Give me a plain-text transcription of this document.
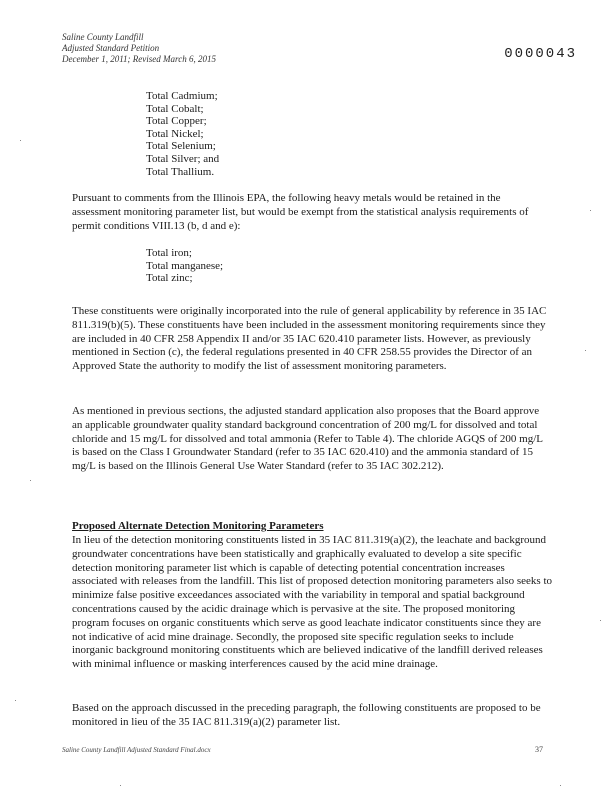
Saline County Landfill
Adjusted Standard Petition
December 1, 2011; Revised March 6, 2015	0000043
Total Cadmium;
Total Cobalt;
Total Copper;
Total Nickel;
Total Selenium;
Total Silver; and
Total Thallium.

Pursuant to comments from the Illinois EPA, the following heavy metals would be retained in the assessment monitoring parameter list, but would be exempt from the statistical analysis requirements of permit conditions VIII.13 (b, d and e):

Total iron;
Total manganese;
Total zinc;

These constituents were originally incorporated into the rule of general applicability by reference in 35 IAC 811.319(b)(5). These constituents have been included in the assessment monitoring requirements since they are included in 40 CFR 258 Appendix II and/or 35 IAC 620.410 parameter lists. However, as previously mentioned in Section (c), the federal regulations presented in 40 CFR 258.55 provides the Director of an Approved State the authority to modify the list of assessment monitoring parameters.

As mentioned in previous sections, the adjusted standard application also proposes that the Board approve an applicable groundwater quality standard background concentration of 200 mg/L for dissolved and total chloride and 15 mg/L for dissolved and total ammonia (Refer to Table 4). The chloride AGQS of 200 mg/L is based on the Class I Groundwater Standard (refer to 35 IAC 620.410) and the ammonia standard of 15 mg/L is based on the Illinois General Use Water Standard (refer to 35 IAC 302.212).

Proposed Alternate Detection Monitoring Parameters

In lieu of the detection monitoring constituents listed in 35 IAC 811.319(a)(2), the leachate and background groundwater concentrations have been statistically and graphically evaluated to develop a site specific detection monitoring parameter list which is capable of detecting potential concentration increases associated with releases from the landfill. This list of proposed detection monitoring parameters also seeks to minimize false positive exceedances associated with the variability in temporal and spatial background concentrations caused by the acidic drainage which is pervasive at the site. The proposed monitoring program focuses on organic constituents which serve as good leachate indicator constituents since they are not indicative of acid mine drainage. Secondly, the proposed site specific regulation seeks to include inorganic background monitoring constituents which are believed indicative of the landfill derived releases with minimal influence or masking interferences caused by the acid mine drainage.

Based on the approach discussed in the preceding paragraph, the following constituents are proposed to be monitored in lieu of the 35 IAC 811.319(a)(2) parameter list.

Saline County Landfill Adjusted Standard Final.docx	37
